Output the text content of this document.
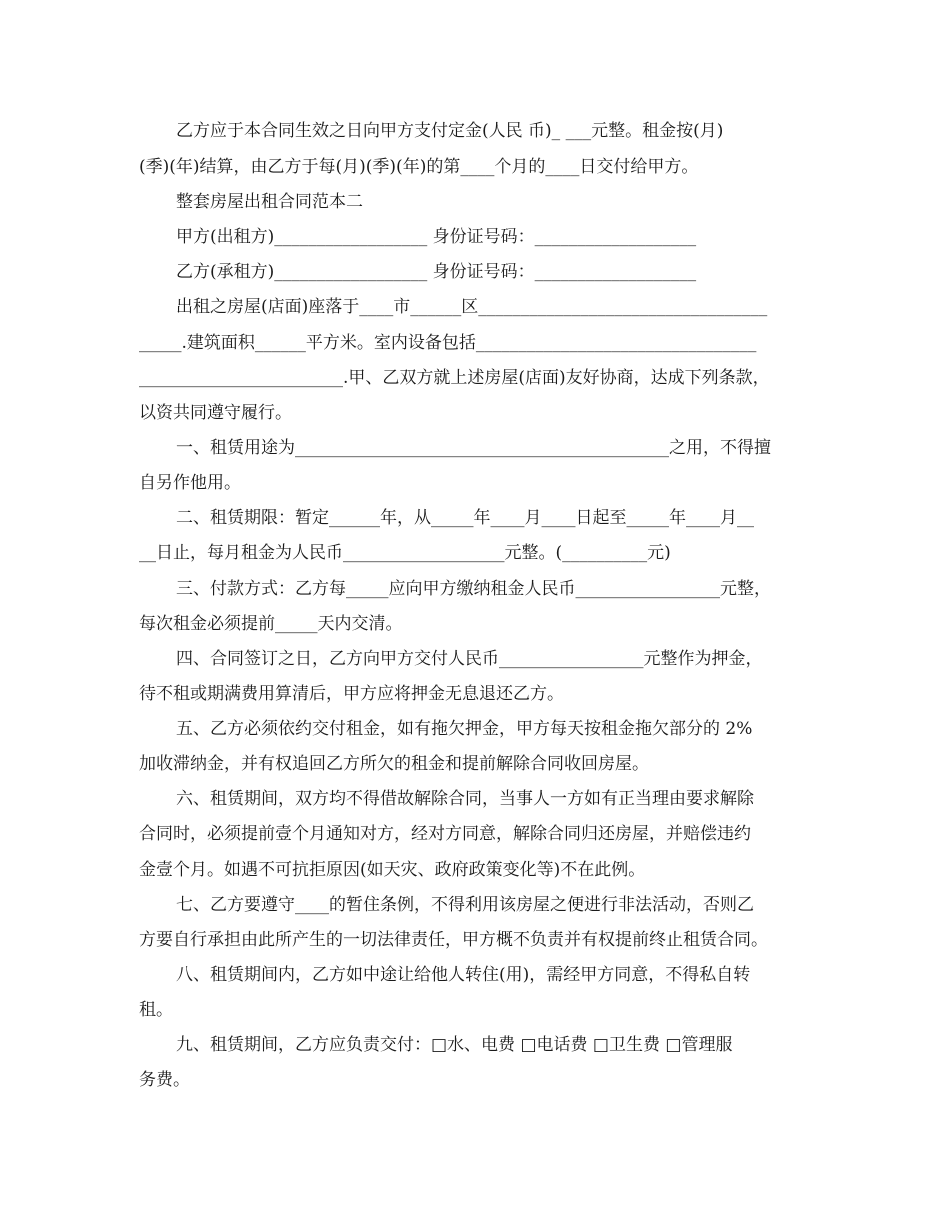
乙方应于本合同生效之日向甲方支付定金(人民 币)_ ___元整。租金按(月)
(季)(年)结算，由乙方于每(月)(季)(年)的第____个月的____日交付给甲方。
整套房屋出租合同范本二
甲方(出租方)__________________ 身份证号码：___________________
乙方(承租方)__________________ 身份证号码：___________________
出租之房屋(店面)座落于____市______区__________________________________
_____.建筑面积______平方米。室内设备包括_________________________________
________________________.甲、乙双方就上述房屋(店面)友好协商，达成下列条款，
以资共同遵守履行。
一、租赁用途为____________________________________________之用，不得擅
自另作他用。
二、租赁期限：暂定______年，从_____年____月____日起至_____年____月__
__日止，每月租金为人民币___________________元整。(__________元)
三、付款方式：乙方每_____应向甲方缴纳租金人民币_________________元整，
每次租金必须提前_____天内交清。
四、合同签订之日，乙方向甲方交付人民币_________________元整作为押金，
待不租或期满费用算清后，甲方应将押金无息退还乙方。
五、乙方必须依约交付租金，如有拖欠押金，甲方每天按租金拖欠部分的 2%
加收滞纳金，并有权追回乙方所欠的租金和提前解除合同收回房屋。
六、租赁期间，双方均不得借故解除合同，当事人一方如有正当理由要求解除
合同时，必须提前壹个月通知对方，经对方同意，解除合同归还房屋，并赔偿违约
金壹个月。如遇不可抗拒原因(如天灾、政府政策变化等)不在此例。
七、乙方要遵守____的暂住条例，不得利用该房屋之便进行非法活动，否则乙
方要自行承担由此所产生的一切法律责任，甲方概不负责并有权提前终止租赁合同。
八、租赁期间内，乙方如中途让给他人转住(用)，需经甲方同意，不得私自转
租。
九、租赁期间，乙方应负责交付：□水、电费 □电话费 □卫生费 □管理服
务费。
